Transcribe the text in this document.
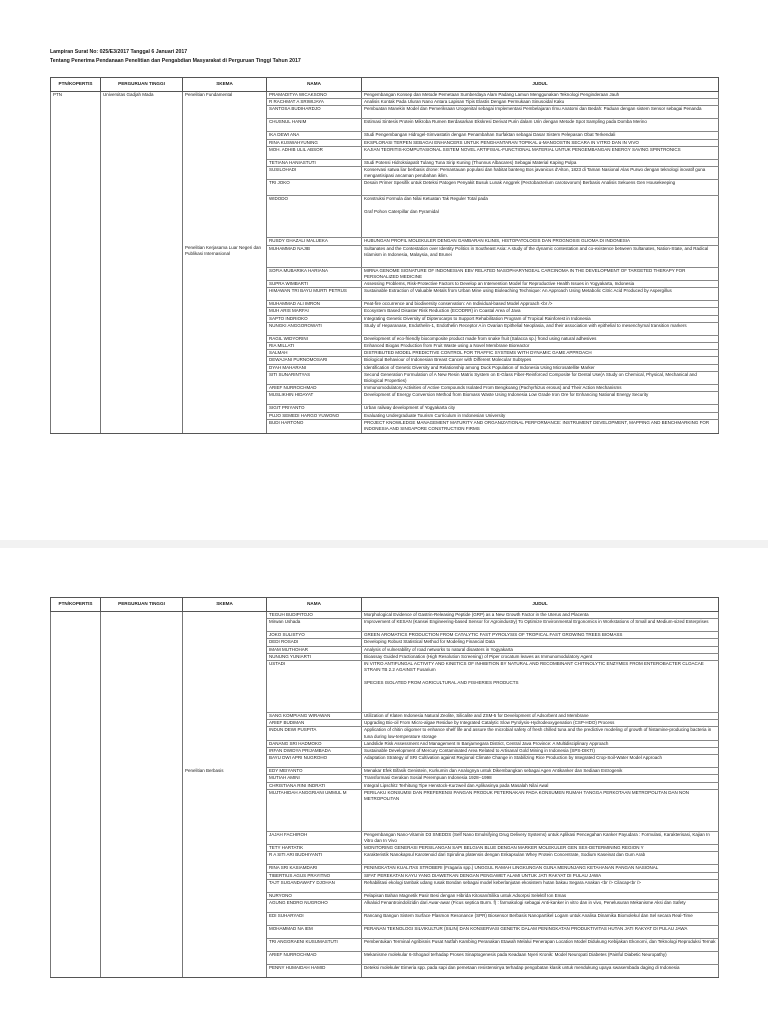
Lampiran Surat No: 025/E3/2017 Tanggal 6 Januari 2017
Tentang Penerima Pendanaan Penelitian dan Pengabdian Masyarakat di Perguruan Tinggi Tahun 2017
PTN/KOPERTIS	PERGURUAN TINGGI	SKEMA	NAMA	JUDUL
PTN	Universitas Gadjah Mada	Penelitian Fundamental	PRAMADITYA WICAKSONO	Pengembangan Konsep dan Metode Pemetaan Sumberdaya Alam Padang Lamun Menggunakan Teknologi Penginderaan Jauh
			R RACHMAT A SRIWIJAYA	Analisis Kontak Pada Uluran Nano Antara Lapisan Tipis Elastis Dengan Permukaan Sinusoidal Kaku
			SANTOSA BUDIHARDJO	Pembuatan Manekin Model dan Pemeriksaan Urogenital sebagai Implementasi Pembelajaran Ilmu Anatomi dan Bedah: Paduan dengan sistem Sensor sebagai Penanda
			CHUSNUL HANIM	Estimasi Sintesis Protein Mikroba Rumen Berdasarkan Ekskresi Derivat Purin dalam Urin dengan Metode Spot Sampling pada Domba Merino
			IKA DEWI ANA	Studi Pengembangan Hidrogel-Simvastatin dengan Penambahan Surfaktan sebagai Dasar Sistem Pelepasan Obat Terkendali
			RINA KUSWAHYUNING	EKSPLORASI TERPEN SEBAGAI ENHANCERS UNTUK PENGHANTARAN TOPIKAL α-MANGOSTIN SECARA IN VITRO DAN IN VIVO
			MOH. ADHIB ULIL ABSOR	KAJIAN TEORITIS-KOMPUTASIONAL SISTEM NOVEL ARTIFISIAL-FUNCTIONAL MATERIAL UNTUK PENGEMBANGAN ENERGY SAVING SPINTRONICS
			TETIANA HANIASTUTI	Studi Potensi Hidroksiapatit Tulang Tuna Sirip Kuning (Thunnus Albacares) Sebagai Material Kaping Pulpa
			SUSILOHADI	Konservasi satwa liar berbasis drone: Pemantauan populasi dan habitat banteng Bos javanicus d'Alton, 1823 di Taman Nasional Alas Purwo dengan teknologi inovatif guna mengantisipasi ancaman perubahan iklim.
			TRI JOKO	Desain Primer Spesifik untuk Deteksi Patogen Penyakit Busuk Lunak Anggrek (Pectobacterium carotovorum) Berbasis Analisis Sekuens Gen Housekeeping
			WIDODO	Konstruksi Formula dan Nilai Ketuatan Tak Reguler Total pada

Graf Pohon Caterpillar dan Pyramidal
			RUSDY GHAZALI MALUEKA	HUBUNGAN PROFIL MOLEKULER DENGAN GAMBARAN KLINIS, HISTOPATOLOGIS DAN PROGNOSIS GLIOMA DI INDONESIA
		Penelitian Kerjasama Luar Negeri dan Publikasi Internasional	MUHAMMAD NAJIB	Sultanates and the Contestation over Identity Politics in Southeast Asia: A study of the dynamic contestation and co-existence between Sultanates, Nation-State, and Radical Islamism in Indonesia, Malaysia, and Brunei
			SOFIA MUBARIKA HARIANA	MIRNA GENOME SIGNATURE OF INDONESIAN EBV RELATED NASOPHARYNGEAL CARCINOMA IN THE DEVELOPMENT OF TARGETED THERAPY FOR PERSONALIZED MEDICINE
			SUPRA WIMBARTI	Assessing Problems, Risk-Protective Factors to Develop an Intervention Model for Reproductive Health Issues in Yogyakarta, Indonesia
			HIMAWAN TRI BAYU MURTI PETRUS	Sustainable Extraction of Valuable Metals from Urban Mine using Bioleaching Technique: An Approach Using Metabolic Citric Acid Produced by Aspergillus
			MUHAMMAD ALI IMRON	Peat-fire occurrence and biodiversity conservation: An Individual-based Model Approach <br />
			MUH ARIS MARFAI	Ecosystem Based Disaster Risk Reduction (ECODRR) in Coastal Area of Java
			SAPTO INDRIOKO	Integrating Genetic Diversity of Dipterocarps to Support Rehabilitation Program of Tropical Rainforest in Indonesia
			NUNGKI ANGGOROWATI	Study of Heparanase, Endothelin-1, Endothelin Receptor A in Ovarian Epithelial Neoplasia, and their association with epithelial to mesenchymal transition markers
			RAGIL WIDYORINI	Development of eco-friendly biocomposite product made from snake fruit (Salacca sp.) frond using natural adhesives
			RIA MILLATI	Enhanced Biogas Production from Fruit Waste using a Novel Membrane Bioreactor
			SALMAH	DISTRIBUTED MODEL PREDICTIVE CONTROL FOR TRAFFIC SYSTEMS WITH DYNAMIC GAME APPROACH
			DEWAJANI PURNOMOSARI	Biological Behaviour of Indonesian Breast Cancer with Different Molecular Subtypes
			DYAH MAHARANI	Identification of Genetic Diversity and Relationship among Duck Population of Indonesia Using Microsatellite Marker
			SITI SUNARINTYAS	Second Generation Formulation of A New Resin Matrix System on E-Glass Fiber-Reinforced Composite for Dental Use(A Study on Chemical, Physical, Mechanical and Biological Properties)
			ARIEF NURROCHMAD	Immunomodulatory Activities of Active Compounds Isolated From Bengkoang (Pachyrhizus erosus) and Their Action Mechanisms
			MUSLIKHIN HIDAYAT	Development of Energy Conversion Method from Biomass Waste Using Indonesia Low Grade Iron Ore for Enhancing National Energy Security
			SIGIT PRIYANTO	Urban railway development of Yogyakarta city
			PUJO SEMEDI HARGO YUWONO	Evaluating Undergraduate Tourism Curriculum in Indonesian University
			BUDI HARTONO	PROJECT KNOWLEDGE MANAGEMENT MATURITY AND ORGANIZATIONAL PERFORMANCE: INSTRUMENT DEVELOPMENT, MAPPING AND BENCHMARKING FOR INDONESIA AND SINGAPORE CONSTRUCTION FIRMS
PTN/KOPERTIS	PERGURUAN TINGGI	SKEMA	NAMA	JUDUL
			TEGUH BUDIPITOJO	Morphological Evidence of Gastrin-Releasing Peptide (GRP) as a New Growth Factor in the Uterus and Placenta
			Mirwan Ushada	Improvement of KESAN (Kansei Engineering-based Sensor for Agroindustry) To Optimize Environmental Ergonomics in Workstations of Small and Medium-sized Enterprises
			JOKO SULISTYO	GREEN AROMATICS PRODUCTION FROM CATALYTIC FAST PYROLYSIS OF TROPICAL FAST GROWING TREES BIOMASS
			DEDI ROSADI	Developing Robust Statistical Method for Modeling Financial Data
			IMAM MUTHOHAR	Analysis of vulnerability of road networks to natural disasters in Yogyakarta
			NUNUNG YUNIARTI	Bioassay Guided Fractionation (High Resolution Screening) of Piper crocatum leaves as Immunomodulatory Agent
			USTADI	IN VITRO ANTIFUNGAL ACTIVITY AND KINETICS OF INHIBITION BY NATURAL AND RECOMBINANT CHITINOLYTIC ENZYMES FROM ENTEROBACTER CLOACAE STRAIN TB 2.2 AGAINST Fusarium

SPECIES ISOLATED FROM AGRICULTURAL AND FISHERIES PRODUCTS
			SANG KOMPIANG WIRAWAN	Utilization of Klaten Indonesia Natural Zeolite, Silicalite and ZSM-5 for Development of Adsorbent and Membrane
			ARIEF BUDIMAN	Upgrading Bio-oil From Micro-algae Residue by Integrated Catalytic Slow Pyrolysis-Hydrodeoxygenation (CSP-HDO) Process
			INDUN DEWI PUSPITA	Application of chitin oligomer to enhance shelf life and assure the microbial safety of fresh chilled tuna and the predictive modeling of growth of histamine-producing bacteria in tuna during low-temperature storage
			DANANG SRI HADMOKO	Landslide Risk Assessment And Management In Banjarnegara District, Central Java Province: A Multidisciplinary Approach
			IRFAN DWIDYA PRIJAMBADA	Sustainable Development of Mercury Contaminated Area Related to Artisanal Gold Mining in Indonesia (SPS-DIKTI)
			BAYU DWI APRI NUGROHO	Adaptation Strategy of SRI Cultivation against Regional Climate Change in Stabilizing Rice Production by Integrated Crop-Soil-Water Model Approach
		Penelitian Berbasis	EDY MEIYANTO	Menakar Efek Bifasik Genistein, Kurkumin dan Analognya untuk Dikembangkan sebagai Agen Antikanker dan Sediaan Estrogenik
			MUTIAH AMINI	Transformasi Gerakan Sosial Perempuan Indonesia 1928--1998
			CHRISTIANA RINI INDRATI	Integral Lipschitz Terhitung Tipe Henstock-Kurzweil dan Aplikasinya pada Masalah Nilai Awal
			MUJTAHIDAH ANGGRIANI UMMUL M	PERILAKU KONSUMSI DAN PREFERENSI PANGAN PRODUK PETERNAKAN PADA KONSUMEN RUMAH TANGGA PERKOTAAN METROPOLITAN DAN NON METROPOLITAN
			JAJAH FACHIROH	Pengembangan Nano-Vitamin D3 SNEDDS (Self Nano Emulsifying Drug Delivery Systems) untuk Aplikasi Pencegahan Kanker Payudara : Formulasi, Karakterisasi, Kajian In Vitro dan In Vivo
			TETY HARTATIK	MONITORING GENERASI PERSILANGAN SAPI BELGIAN BLUE DENGAN MARKER MOLEKULER GEN SEX-DETERMINING REGION Y
			R A SITI ARI BUDHIYANTI	Karakteristik Nanokapsul Karotenoid dari Spirulina platensis dengan Enkapsulan Whey Protein Concentrate, Sodium Kaseinat dan Gum Arab
			RINA SRI KASIAMDARI	PENINGKATAN KUALITAS STROBERI (Fragaria spp.) UNGGUL RAMAH LINGKUNGAN GUNA MENUNJANG KETAHANAN PANGAN NASIONAL
			TIBERTIUS AGUS PRAYITNO	SIFAT PEREKATAN KAYU YANG DIAWETKAN DENGAN PENGAWET ALAMI UNTUK JATI RAKYAT DI PULAU JAWA
			TAJT SUGANDAWATY DJOHAN	Rehabilitasi ekologi tambak udang rusak Bondan sebagai model keberlanjutan ekosistem hutan bakau Segara Anakan <br /> Cilacap<br />
			NURYONO	Pelapisan Bahan Magnetik Pasir Besi dengan Hibrida Kitosan/Silika untuk Adsorpsi Selektif Ion Emas
			AGUNG ENDRO NUGROHO	Alkaloid Fenantroindolizidin dari Awar-awar (Ficus septica Burm. f) : farmakologi sebagai Anti-kanker in vitro dan in vivo, Penelusuran Mekanisme Aksi dan Safety
			EDI SUHARYADI	Rancang Bangun Sistem Surface Plasmon Resonance (SPR) Biosensor Berbasis Nanopartikel Logam untuk Analisa Dinamika Biomolekul dan Sel secara Real-Time
			MOHAMMAD NA IEM	PERANAN TEKNOLOGI SILVIKULTUR (SILIN) DAN KONSERVASI GENETIK DALAM PENINGKATAN PRODUKTIVITAS HUTAN JATI RAKYAT DI PULAU JAWA
			TRI ANGGRAENI KUSUMASTUTI	Pembentukan Terminal Agribisnis Pusat Nutfah Kambing Peranakan Etawah Melalui Penerapan Location Model Didukung Kebijakan Ekonomi, dan Teknologi Reproduksi Ternak
			ARIEF NURROCHMAD	Mekanisme molekular 6-Shogaol terhadap Proses Sinaptogenesis pada Keadaan Nyeri Kronik: Model Neuropati Diabetes (Painful Diabetic Neuropathy)
			PENNY HUMAIDAH HAMID	Deteksi molekuler Eimeria spp. pada sapi dan pemetaan resistensinya terhadap pengobatan klasik untuk mendukung upaya swasembada daging di Indonesia
